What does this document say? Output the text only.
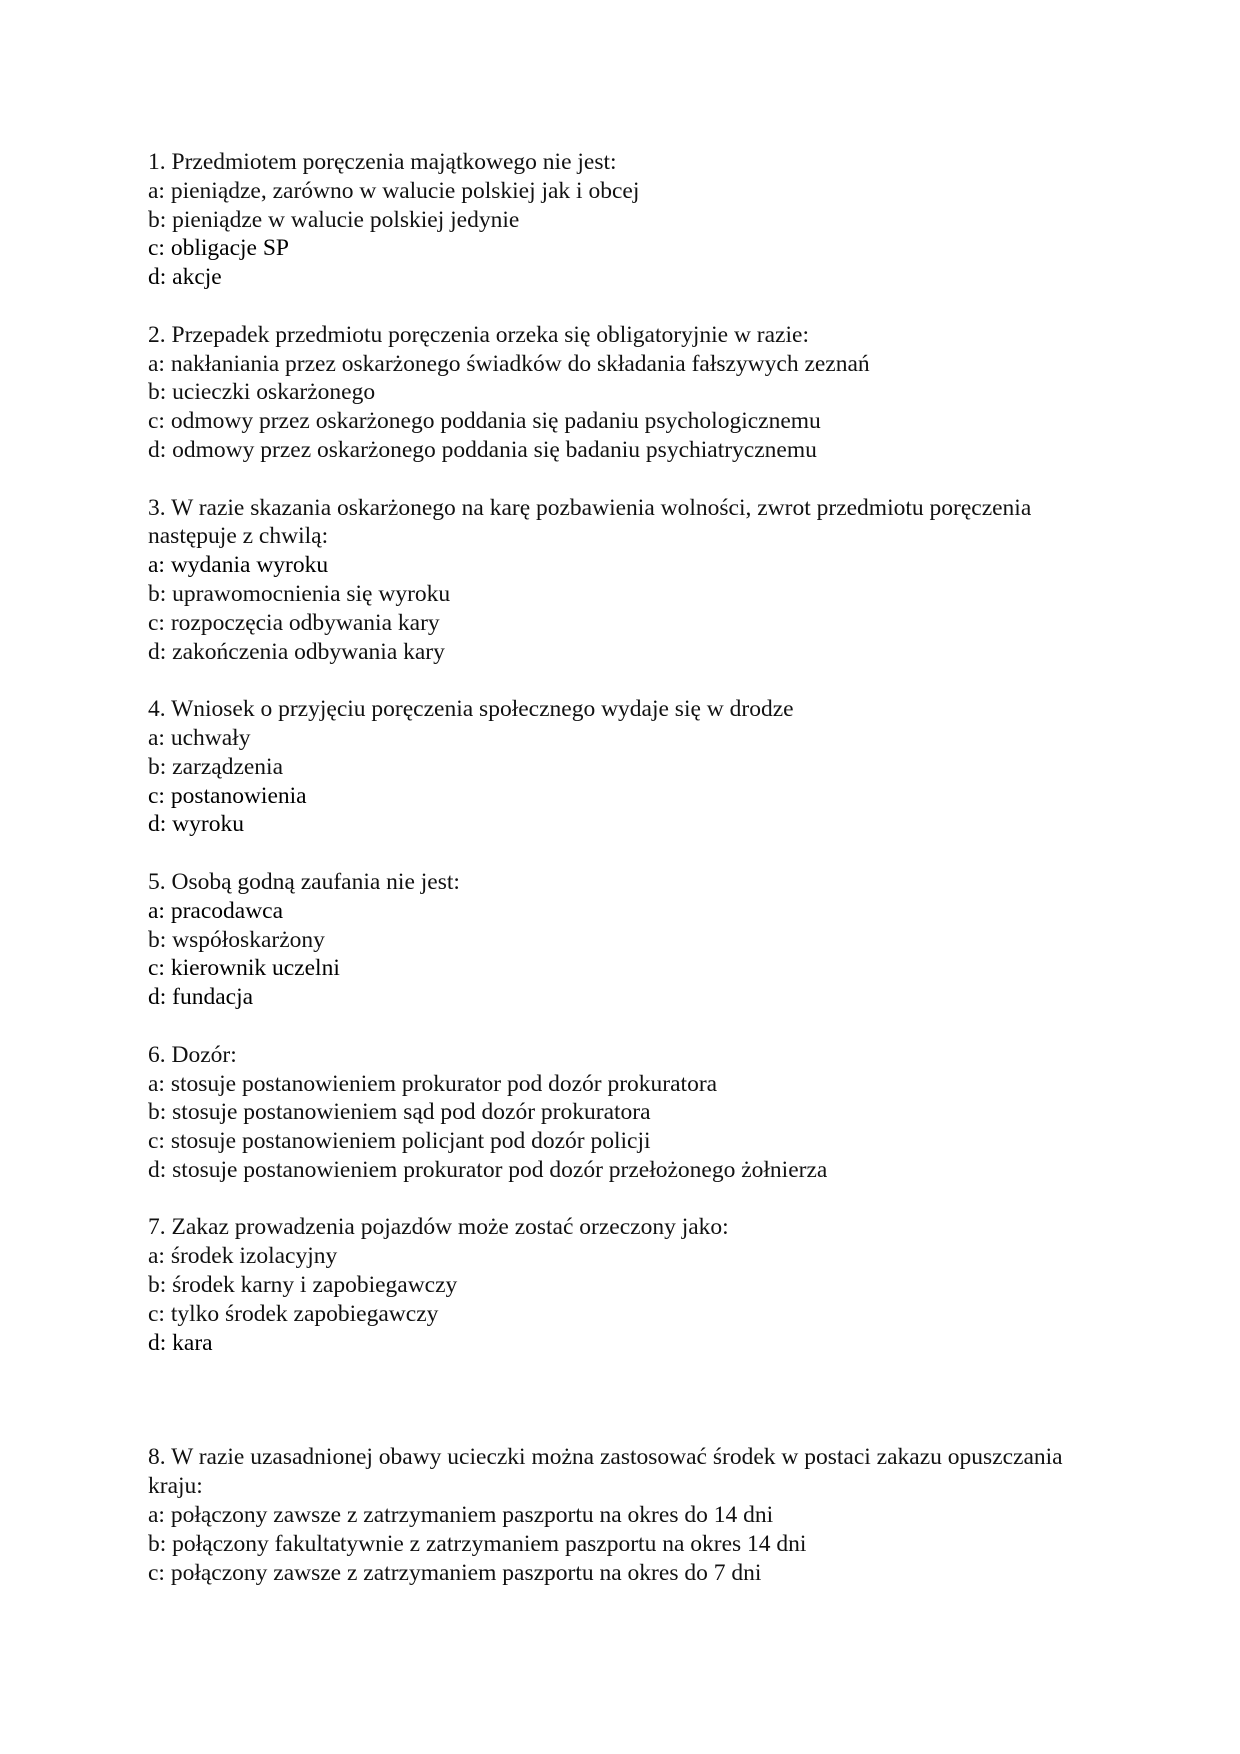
1. Przedmiotem poręczenia majątkowego nie jest:
a: pieniądze, zarówno w walucie polskiej jak i obcej
b: pieniądze w walucie polskiej jedynie
c: obligacje SP
d: akcje
2. Przepadek przedmiotu poręczenia orzeka się obligatoryjnie w razie:
a: nakłaniania przez oskarżonego świadków do składania fałszywych zeznań
b: ucieczki oskarżonego
c: odmowy przez oskarżonego poddania się padaniu psychologicznemu
d: odmowy przez oskarżonego poddania się badaniu psychiatrycznemu
3. W razie skazania oskarżonego na karę pozbawienia wolności, zwrot przedmiotu poręczenia następuje z chwilą:
a: wydania wyroku
b: uprawomocnienia się wyroku
c: rozpoczęcia odbywania kary
d: zakończenia odbywania kary
4. Wniosek o przyjęciu poręczenia społecznego wydaje się w drodze
a: uchwały
b: zarządzenia
c: postanowienia
d: wyroku
5. Osobą godną zaufania nie jest:
a: pracodawca
b: współoskarżony
c: kierownik uczelni
d: fundacja
6. Dozór:
a: stosuje postanowieniem prokurator pod dozór prokuratora
b: stosuje postanowieniem sąd pod dozór prokuratora
c: stosuje postanowieniem policjant pod dozór policji
d: stosuje postanowieniem prokurator pod dozór przełożonego żołnierza
7. Zakaz prowadzenia pojazdów może zostać orzeczony jako:
a: środek izolacyjny
b: środek karny i zapobiegawczy
c: tylko środek zapobiegawczy
d: kara
8. W razie uzasadnionej obawy ucieczki można zastosować środek w postaci zakazu opuszczania kraju:
a: połączony zawsze z zatrzymaniem paszportu na okres do 14 dni
b: połączony fakultatywnie z zatrzymaniem paszportu na okres 14 dni
c: połączony zawsze z zatrzymaniem paszportu na okres do 7 dni
